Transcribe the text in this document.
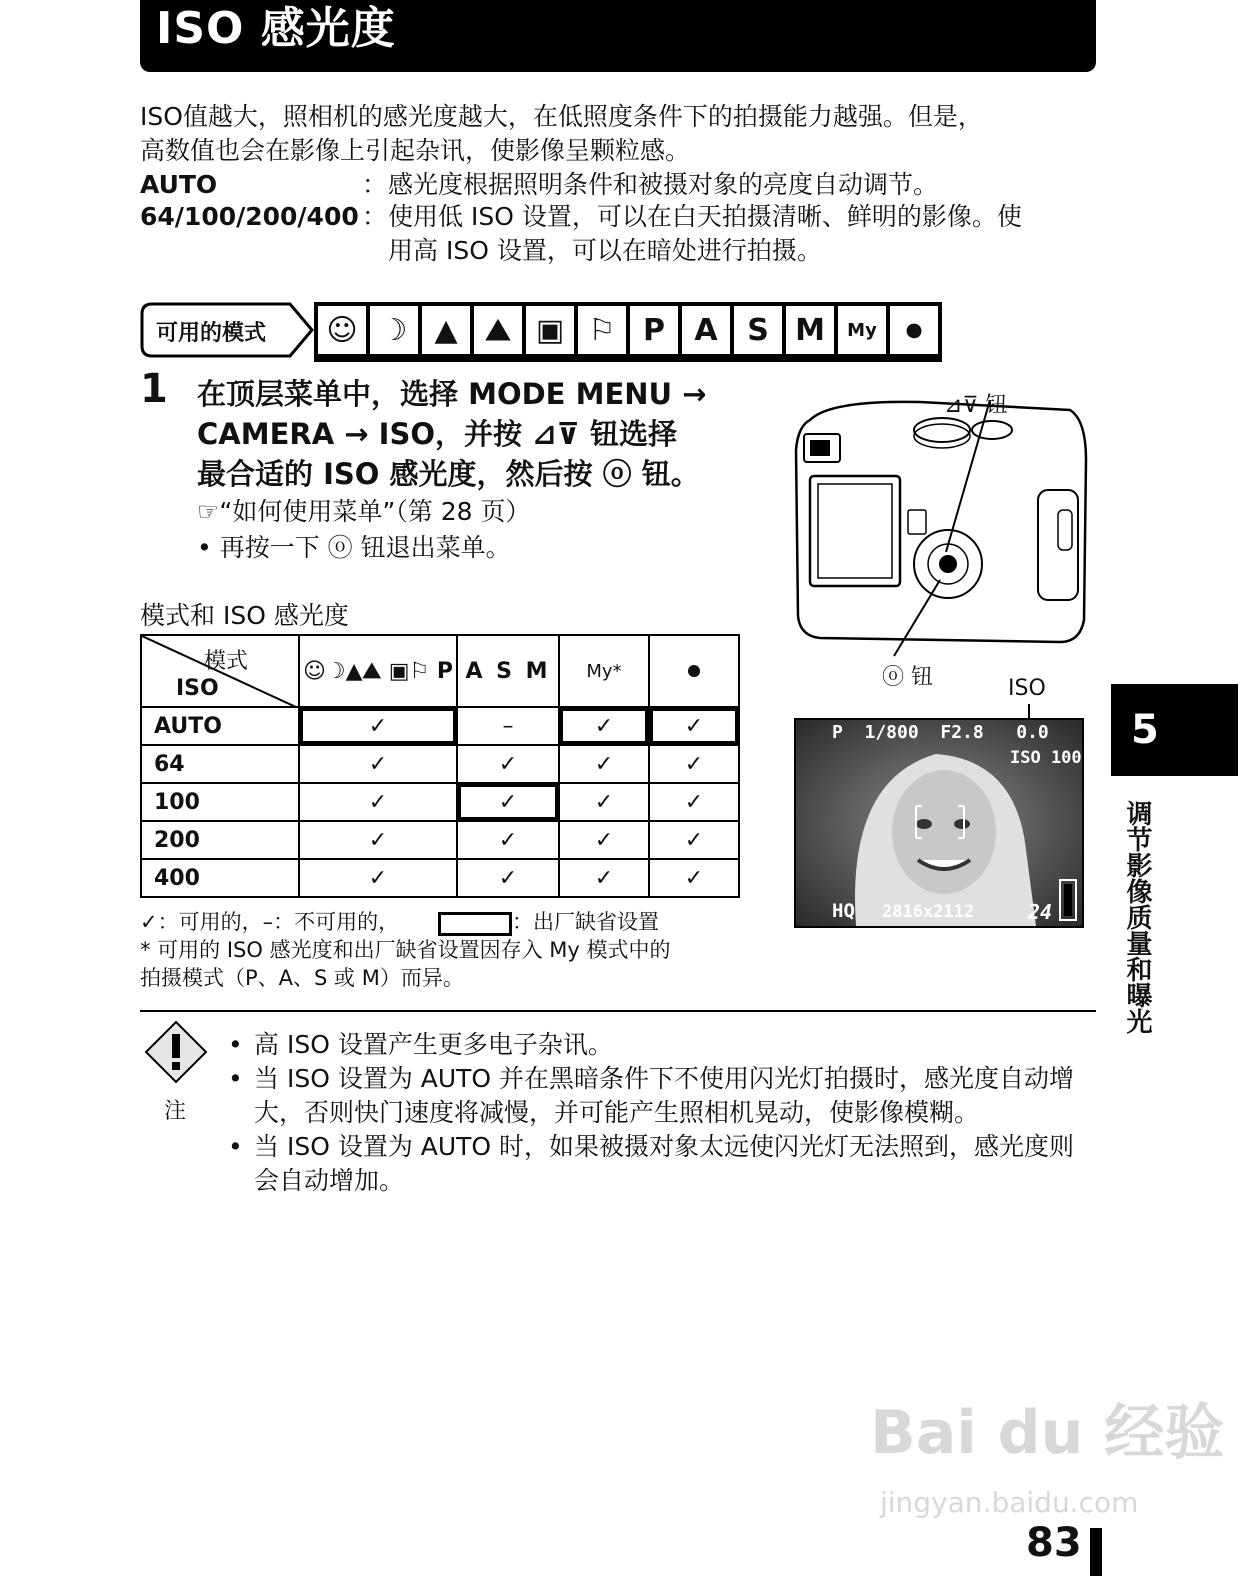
ISO 感光度
ISO值越大，照相机的感光度越大，在低照度条件下的拍摄能力越强。但是，
高数值也会在影像上引起杂讯，使影像呈颗粒感。
AUTO	： 感光度根据照明条件和被摄对象的亮度自动调节。
64/100/200/400 ： 使用低 ISO 设置，可以在白天拍摄清晰、鲜明的影像。使
用高 ISO 设置，可以在暗处进行拍摄。
可用的模式	☺ ☽ ▲ ⛰ ▣ ⚐ P A S M	My ⏺
1 在顶层菜单中，选择 MODE MENU →
CAMERA → ISO，并按 ⊿⊽ 钮选择
最合适的 ISO 感光度，然后按 ⓞ 钮。
☞“如何使用菜单”（第 28 页）
• 再按一下 ⓞ 钮退出菜单。
⊿⊽ 钮
ⓞ 钮	ISO
P  1/800  F2.8   0.0
ISO 100
HQ 2816x2112	24
模式和 ISO 感光度
模式
ISO	☺☽▲⛰ ▣⚐ P	A S M	My*	⏺
AUTO	✓	–	✓	✓
64	✓	✓	✓	✓
100	✓	✓	✓	✓
200	✓	✓	✓	✓
400	✓	✓	✓	✓
✓：可用的，–：不可用的，	：出厂缺省设置
* 可用的 ISO 感光度和出厂缺省设置因存入 My 模式中的
拍摄模式（P、A、S 或 M）而异。
注
• 高 ISO 设置产生更多电子杂讯。
• 当 ISO 设置为 AUTO 并在黑暗条件下不使用闪光灯拍摄时，感光度自动增大，否则快门速度将减慢，并可能产生照相机晃动，使影像模糊。
• 当 ISO 设置为 AUTO 时，如果被摄对象太远使闪光灯无法照到，感光度则会自动增加。
5
调节影像质量和曝光
Bai du 经验
jingyan.baidu.com
83
